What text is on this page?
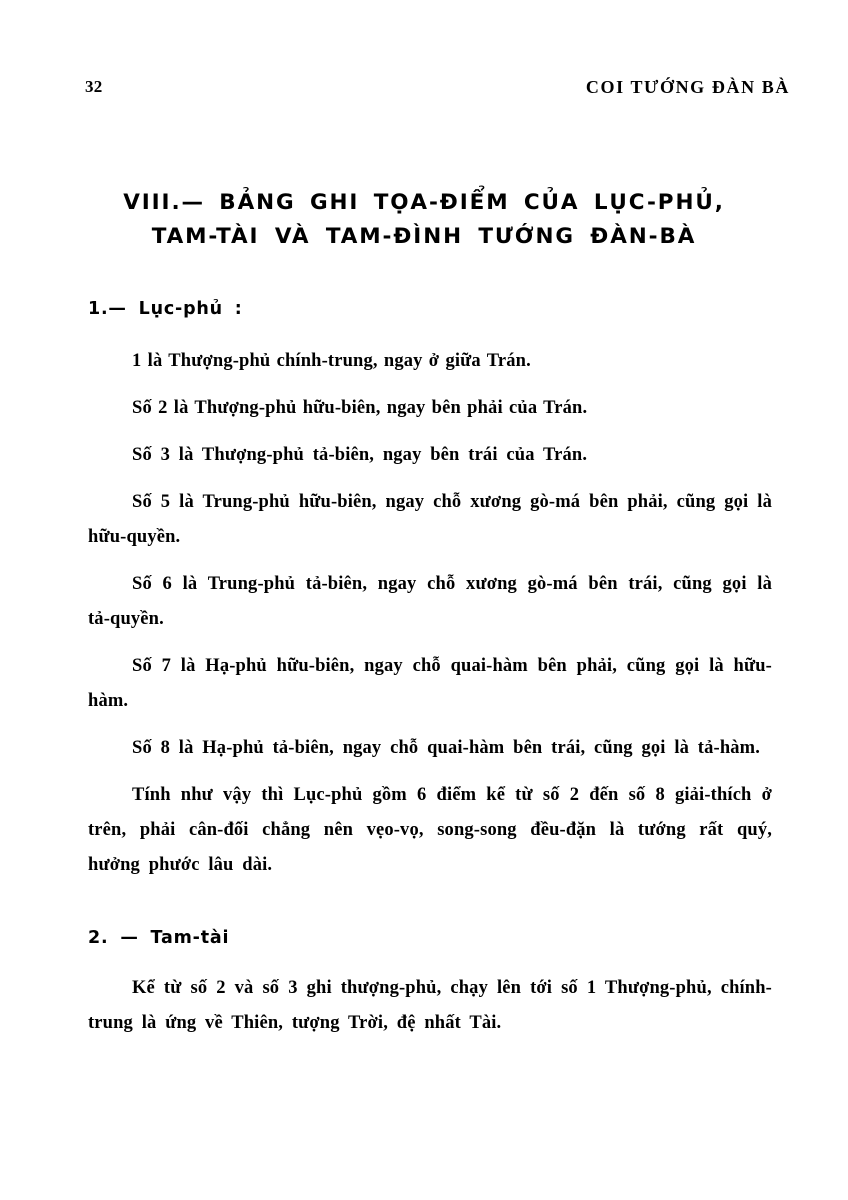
32	COI TƯỚNG ĐÀN BÀ
VIII.— BẢNG GHI TỌA-ĐIỂM CỦA LỤC-PHỦ,
TAM-TÀI VÀ TAM-ĐÌNH TƯỚNG ĐÀN-BÀ
1.— Lục-phủ :

1 là Thượng-phủ chính-trung, ngay ở giữa Trán.

Số 2 là Thượng-phủ hữu-biên, ngay bên phải của Trán.

Số 3 là Thượng-phủ tả-biên, ngay bên trái của Trán.

Số 5 là Trung-phủ hữu-biên, ngay chỗ xương gò-má bên phải, cũng gọi là hữu-quyền.

Số 6 là Trung-phủ tả-biên, ngay chỗ xương gò-má bên trái, cũng gọi là tả-quyền.

Số 7 là Hạ-phủ hữu-biên, ngay chỗ quai-hàm bên phải, cũng gọi là hữu-hàm.

Số 8 là Hạ-phủ tả-biên, ngay chỗ quai-hàm bên trái, cũng gọi là tả-hàm.

Tính như vậy thì Lục-phủ gồm 6 điểm kể từ số 2 đến số 8 giải-thích ở trên, phải cân-đối chẳng nên vẹo-vọ, song-song đều-đặn là tướng rất quý, hưởng phước lâu dài.

2. — Tam-tài

Kể từ số 2 và số 3 ghi thượng-phủ, chạy lên tới số 1 Thượng-phủ, chính-trung là ứng về Thiên, tượng Trời, đệ nhất Tài.
